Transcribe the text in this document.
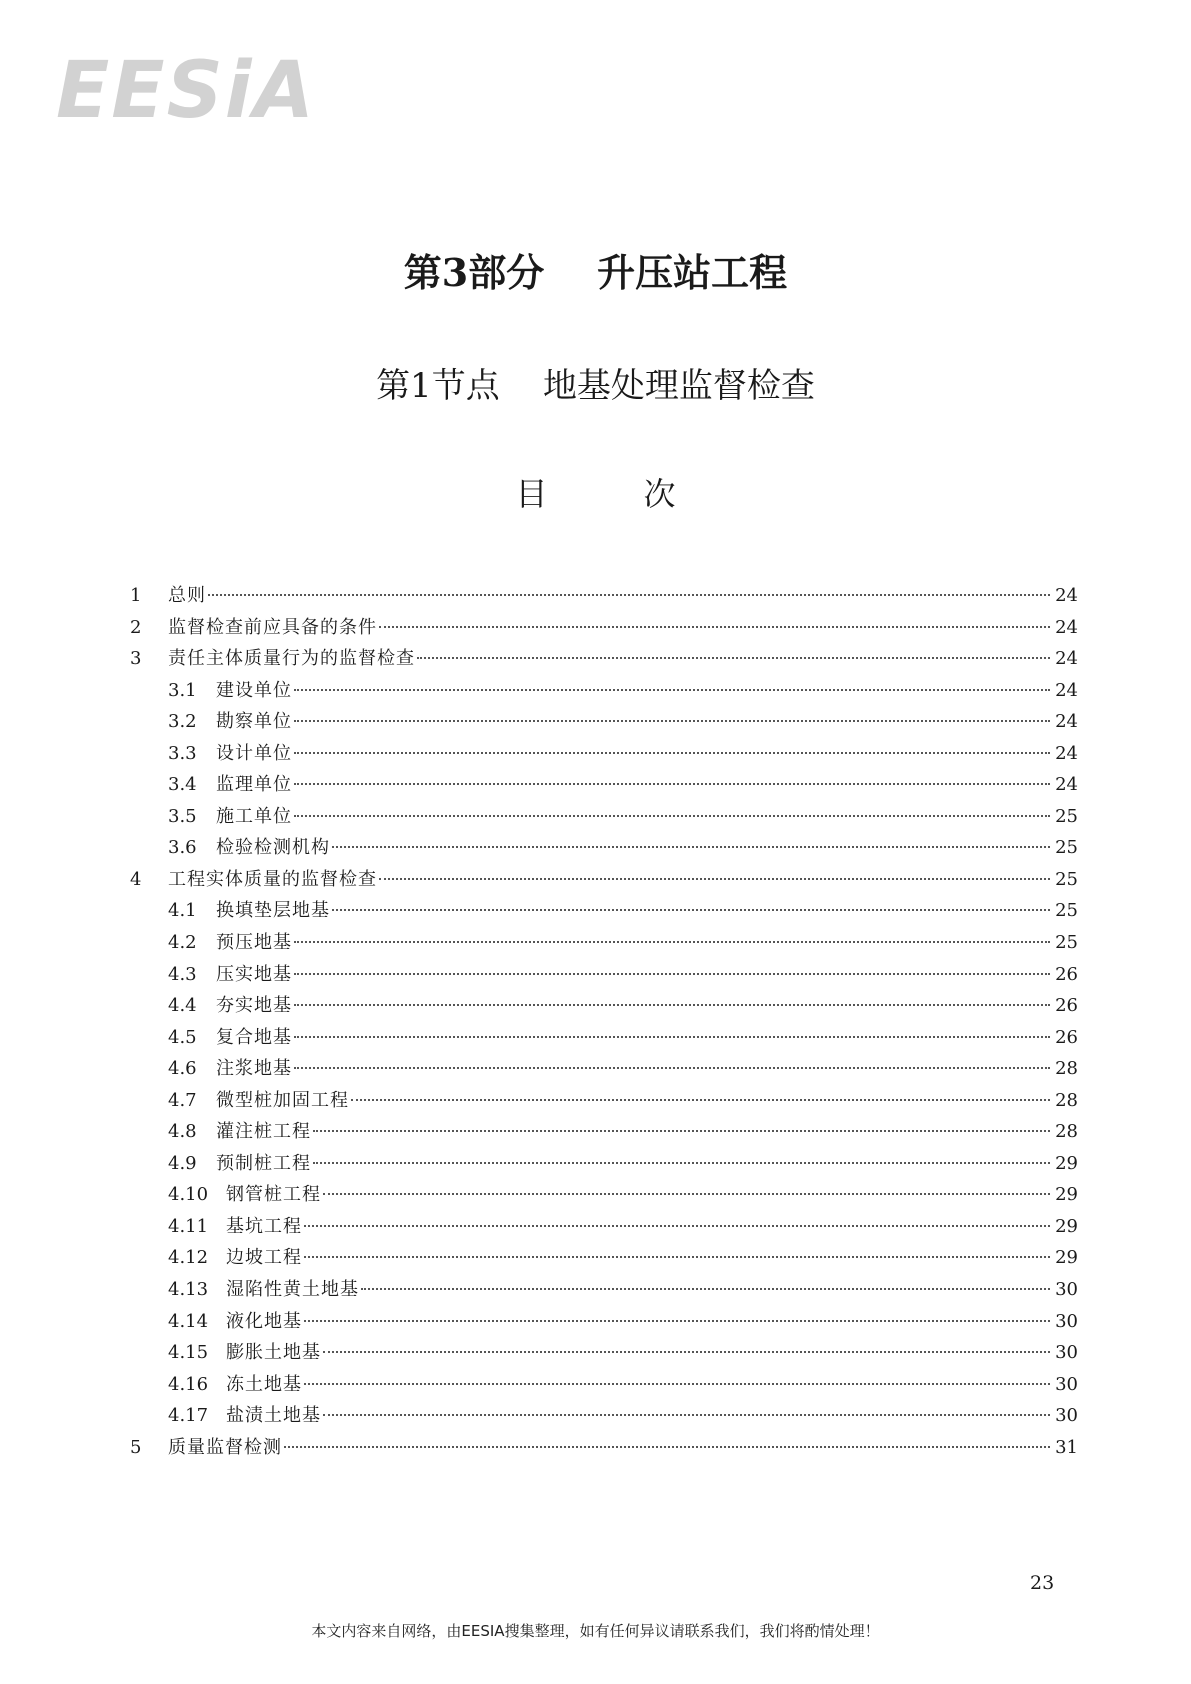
EESiA
第3部分 升压站工程
第1节点 地基处理监督检查
目次
1	总则	24
2	监督检查前应具备的条件	24
3	责任主体质量行为的监督检查	24
3.1	建设单位	24
3.2	勘察单位	24
3.3	设计单位	24
3.4	监理单位	24
3.5	施工单位	25
3.6	检验检测机构	25
4	工程实体质量的监督检查	25
4.1	换填垫层地基	25
4.2	预压地基	25
4.3	压实地基	26
4.4	夯实地基	26
4.5	复合地基	26
4.6	注浆地基	28
4.7	微型桩加固工程	28
4.8	灌注桩工程	28
4.9	预制桩工程	29
4.10 钢管桩工程	29
4.11 基坑工程	29
4.12 边坡工程	29
4.13 湿陷性黄土地基	30
4.14 液化地基	30
4.15 膨胀土地基	30
4.16 冻土地基	30
4.17 盐渍土地基	30
5	质量监督检测	31
23
本文内容来自网络，由EESIA搜集整理，如有任何异议请联系我们，我们将酌情处理！
